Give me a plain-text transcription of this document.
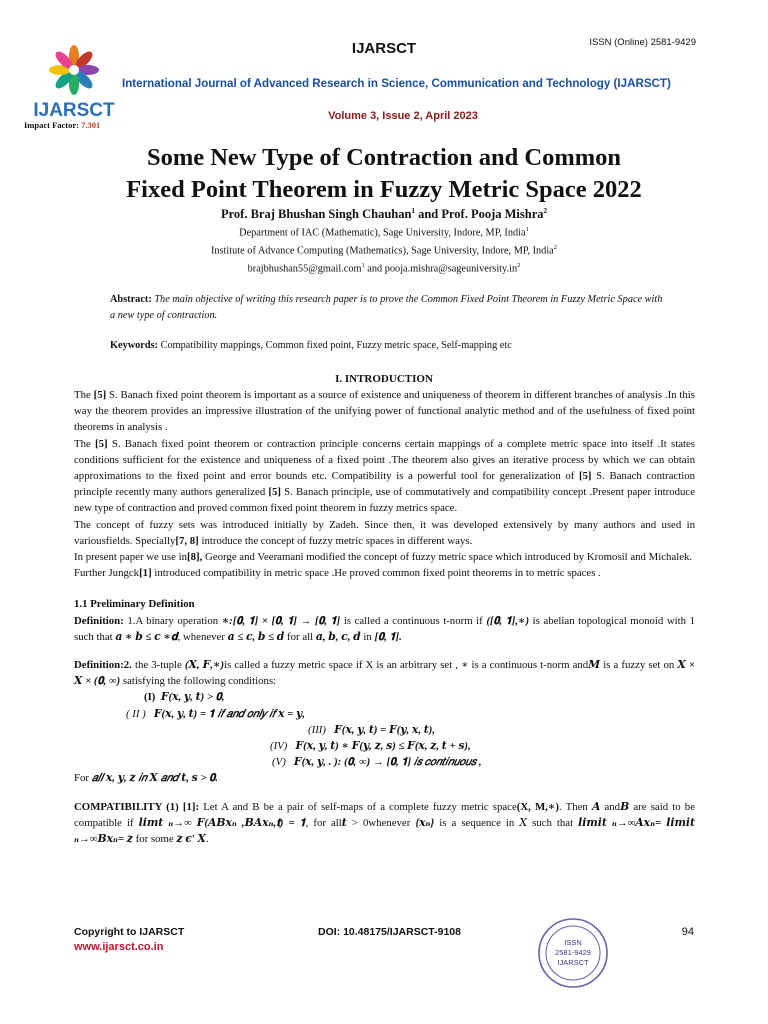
IJARSCT
IJARSCT	ISSN (Online) 2581-9429
International Journal of Advanced Research in Science, Communication and Technology (IJARSCT)
Volume 3, Issue 2, April 2023
Impact Factor: 7.301
Some New Type of Contraction and Common
Fixed Point Theorem in Fuzzy Metric Space 2022
Prof. Braj Bhushan Singh Chauhan$^1$ and Prof. Pooja Mishra$^2$
Department of IAC (Mathematic), Sage University, Indore, MP, India$^1$
Institute of Advance Computing (Mathematics), Sage University, Indore, MP, India$^2$
brajbhushan55@gmail.com$^1$ and $pooja.mishra@sageuniversity.in^2$
Abstract: The main objective of writing this research paper is to prove the Common Fixed Point Theorem in Fuzzy Metric Space with a new type of contraction.
Keywords: Compatibility mappings, Common fixed point, Fuzzy metric space, Self-mapping etc
I. INTRODUCTION

The [5] S. Banach fixed point theorem is important as a source of existence and uniqueness of theorem in different branches of analysis .In this way the theorem provides an impressive illustration of the unifying power of functional analytic method and of the usefulness of fixed point theorems in analysis .

The [5] S. Banach fixed point theorem or contraction principle concerns certain mappings of a complete metric space into itself .It states conditions sufficient for the existence and uniqueness of a fixed point .The theorem also gives an iterative process by which we can obtain approximations to the fixed point and error bounds etc. Compatibility is a powerful tool for generalization of [5] S. Banach contraction principle recently many authors generalized [5] S. Banach principle, use of commutatively and compatibility concept .Present paper introduce new type of contraction and proved common fixed point theorem in fuzzy metrics space.

The concept of fuzzy sets was introduced initially by Zadeh. Since then, it was developed extensively by many authors and used in variousfields. Specially[7, 8] introduce the concept of fuzzy metric spaces in different ways.

In present paper we use in[8], George and Veeramani modified the concept of fuzzy metric space which introduced by Kromosil and Michalek.

Further Jungck[1] introduced compatibility in metric space .He proved common fixed point theorems in to metric spaces .

1.1 Preliminary Definition

Definition: 1.A binary operation ∗:[𝟎, 𝟏] × [𝟎, 𝟏] → [𝟎, 𝟏] is called a continuous t-norm if ([𝟎, 𝟏],∗) is abelian topological monoid with 1 such that 𝒂 ∗ 𝒃 ≤ 𝒄 ∗𝐝, whenever 𝒂 ≤ 𝒄, 𝒃 ≤ 𝒅 for all 𝒂, 𝒃, 𝒄, 𝒅 in [𝟎, 𝟏].

Definition:2. the 3-tuple (𝑿, 𝑭,∗)is called a fuzzy metric space if X is an arbitrary set , ∗ is a continuous t-norm and𝑴 is a fuzzy set on 𝑿 × 𝑿 × (𝟎, ∞) satisfying the following conditions:

(I) 𝑭(𝒙, 𝒚, 𝒕) > 𝟎,
( II ) 𝑭(𝒙, 𝒚, 𝒕) = 𝟏 𝑖𝑓 𝑎𝑛𝑑 𝑜𝑛𝑙𝑦 𝑖𝑓 𝒙 = 𝒚,
(III) 𝑭(𝒙, 𝒚, 𝒕) = 𝑭(𝒚, 𝒙, 𝒕),
(IV) 𝑭(𝒙, 𝒚, 𝒕) ∗ 𝑭(𝒚, 𝒛, 𝒔) ≤ 𝑭(𝒙, 𝒛, 𝒕 + 𝒔),
(V) 𝑭(𝒙, 𝒚, . ): (𝟎, ∞) → [𝟎, 𝟏] 𝑖𝑠 𝑐𝑜𝑛𝑡𝑖𝑛𝑢𝑜𝑢𝑠 ,

For 𝑎𝑙𝑙 𝒙, 𝒚, 𝒛 𝑖𝑛 𝑿 𝑎𝑛𝑑 𝒕, 𝒔 > 𝟎.

COMPATIBILITY (1) [1]: Let A and B be a pair of self-maps of a complete fuzzy metric space(X, M,∗). Then 𝑨 and𝑩 are said to be compatible if 𝒍𝒊𝒎𝒕 ₙ→∞ 𝑭(𝑨𝑩𝒙ₙ ,𝑩𝑨𝒙ₙ,𝐭) = 𝟏, for all𝒕 > 0whenever {𝒙ₙ} is a sequence in 𝑋 such that 𝒍𝒊𝒎𝒊𝒕 ₙ→∞𝑨𝒙ₙ= 𝒍𝒊𝒎𝒊𝒕 ₙ→∞𝑩𝒙ₙ= 𝒛 for some 𝒛 𝝐′ 𝑿.

Copyright to IJARSCT
www.ijarsct.co.in
DOI: 10.48175/IJARSCT-9108	94
ISSN
2581-9429
IJARSCT
